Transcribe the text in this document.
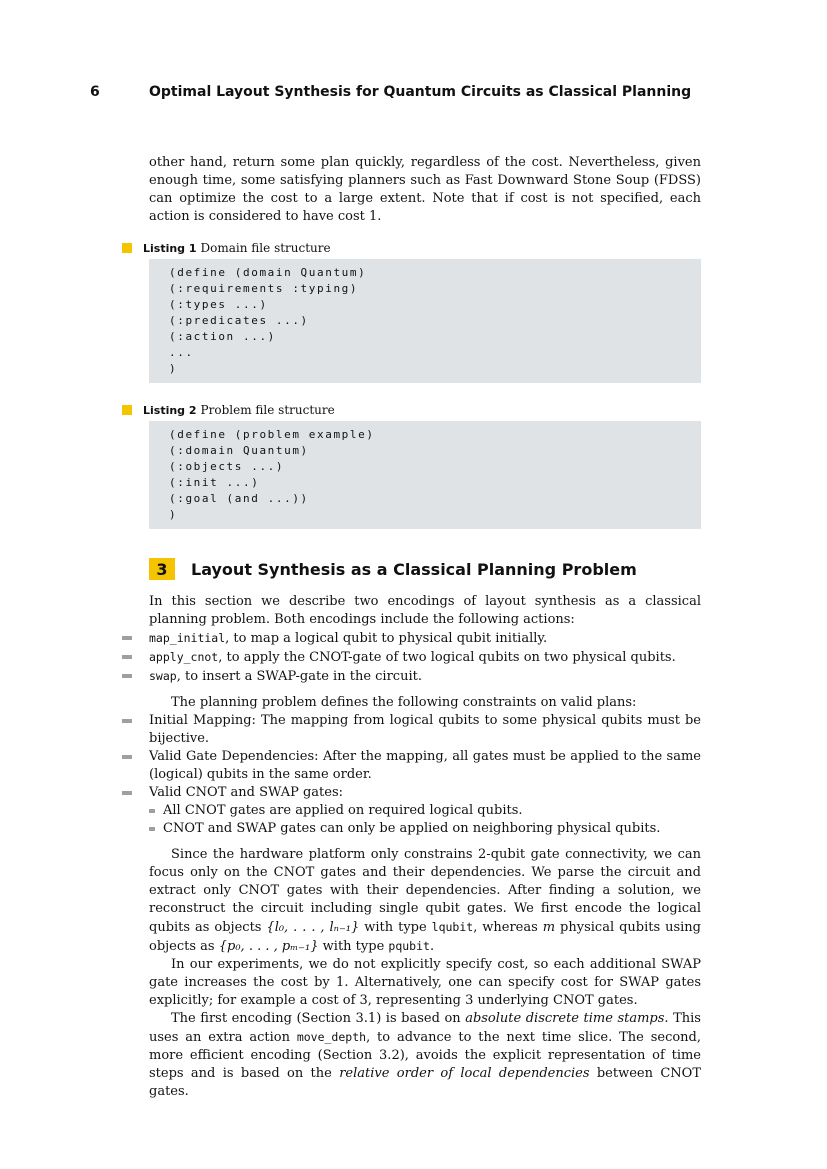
6	Optimal Layout Synthesis for Quantum Circuits as Classical Planning

other hand, return some plan quickly, regardless of the cost. Nevertheless, given enough time, some satisfying planners such as Fast Downward Stone Soup (FDSS) can optimize the cost to a large extent. Note that if cost is not specified, each action is considered to have cost 1.

Listing 1 Domain file structure
(define (domain Quantum)
(:requirements :typing)
(:types ...)
(:predicates ...)
(:action ...)
...
)
Listing 2 Problem file structure
(define (problem example)
(:domain Quantum)
(:objects ...)
(:init ...)
(:goal (and ...))
)
3	Layout Synthesis as a Classical Planning Problem

In this section we describe two encodings of layout synthesis as a classical planning problem. Both encodings include the following actions:

map_initial, to map a logical qubit to physical qubit initially.
apply_cnot, to apply the CNOT-gate of two logical qubits on two physical qubits.
swap, to insert a SWAP-gate in the circuit.

The planning problem defines the following constraints on valid plans:

Initial Mapping: The mapping from logical qubits to some physical qubits must be bijective.
Valid Gate Dependencies: After the mapping, all gates must be applied to the same (logical) qubits in the same order.
Valid CNOT and SWAP gates:
All CNOT gates are applied on required logical qubits.
CNOT and SWAP gates can only be applied on neighboring physical qubits.

Since the hardware platform only constrains 2-qubit gate connectivity, we can focus only on the CNOT gates and their dependencies. We parse the circuit and extract only CNOT gates with their dependencies. After finding a solution, we reconstruct the circuit including single qubit gates. We first encode the logical qubits as objects {l₀, . . . , lₙ₋₁} with type lqubit, whereas m physical qubits using objects as {p₀, . . . , pₘ₋₁} with type pqubit.

In our experiments, we do not explicitly specify cost, so each additional SWAP gate increases the cost by 1. Alternatively, one can specify cost for SWAP gates explicitly; for example a cost of 3, representing 3 underlying CNOT gates.

The first encoding (Section 3.1) is based on absolute discrete time stamps. This uses an extra action move_depth, to advance to the next time slice. The second, more efficient encoding (Section 3.2), avoids the explicit representation of time steps and is based on the relative order of local dependencies between CNOT gates.
